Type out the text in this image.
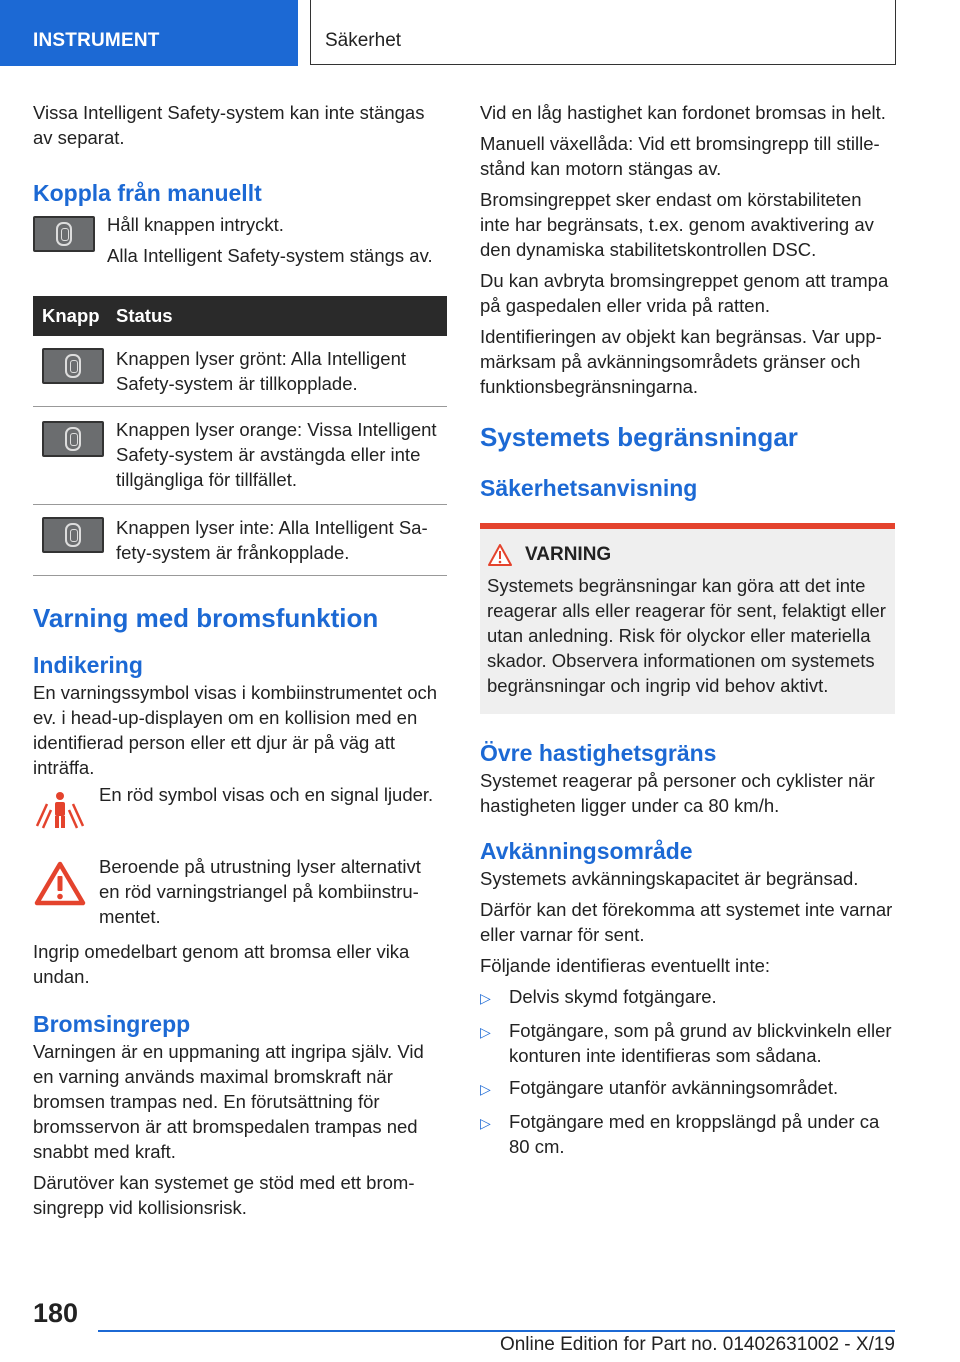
INSTRUMENT	Säkerhet

Vissa Intelligent Safety-system kan inte stängas av separat.

Koppla från manuellt

Håll knappen intryckt.

Alla Intelligent Safety-system stängs av.

Knapp	Status

	Knappen lyser grönt: Alla Intelligent Safety-system är tillkopplade.

	Knappen lyser orange: Vissa Intelligent Safety-system är avstängda eller inte tillgängliga för tillfället.

	Knappen lyser inte: Alla Intelligent Safety-system är frånkopplade.
Varning med bromsfunktion
Indikering

En varningssymbol visas i kombiinstrumentet och ev. i head-up-displayen om en kollision med en identifierad person eller ett djur är på väg att inträffa.

En röd symbol visas och en signal ljuder.

Beroende på utrustning lyser alternativt en röd varningstriangel på kombiinstrumentet.

Ingrip omedelbart genom att bromsa eller vika undan.

Bromsingrepp

Varningen är en uppmaning att ingripa själv. Vid en varning används maximal bromskraft när bromsen trampas ned. En förutsättning för bromsservon är att bromspedalen trampas ned snabbt med kraft.

Därutöver kan systemet ge stöd med ett bromsingrepp vid kollisionsrisk.

Vid en låg hastighet kan fordonet bromsas in helt.

Manuell växellåda: Vid ett bromsingrepp till stillestånd kan motorn stängas av.

Bromsingreppet sker endast om körstabiliteten inte har begränsats, t.ex. genom avaktivering av den dynamiska stabilitetskontrollen DSC.

Du kan avbryta bromsingreppet genom att trampa på gaspedalen eller vrida på ratten.

Identifieringen av objekt kan begränsas. Var uppmärksam på avkänningsområdets gränser och funktionsbegränsningarna.

Systemets begränsningar
Säkerhetsanvisning
VARNING

Systemets begränsningar kan göra att det inte reagerar alls eller reagerar för sent, felaktigt eller utan anledning. Risk för olyckor eller materiella skador. Observera informationen om systemets begränsningar och ingrip vid behov aktivt.

Övre hastighetsgräns

Systemet reagerar på personer och cyklister när hastigheten ligger under ca 80 km/h.

Avkänningsområde

Systemets avkänningskapacitet är begränsad.

Därför kan det förekomma att systemet inte varnar eller varnar för sent.

Följande identifieras eventuellt inte:

▷ Delvis skymd fotgängare.
▷ Fotgängare, som på grund av blickvinkeln eller konturen inte identifieras som sådana.
▷ Fotgängare utanför avkänningsområdet.
▷ Fotgängare med en kroppslängd på under ca 80 cm.
180
Online Edition for Part no. 01402631002 - X/19
